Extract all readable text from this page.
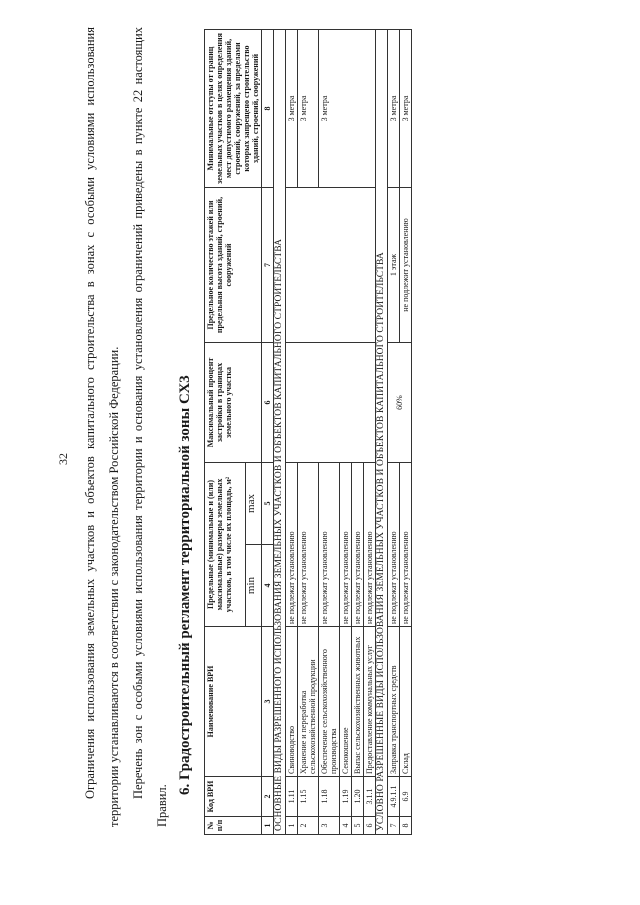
32	Ограничения использования земельных участков и объектов капитального строительства в зонах с особыми условиями использования территории устанавливаются в соответствии с законодательством Российской Федерации. Перечень зон с особыми условиями использования территории и основания установления ограничений приведены в пункте 22 настоящих Правил.

6. Градостроительный регламент территориальной зоны СХ3
№ п/п	Код ВРИ	Наименование ВРИ	Предельные (минимальные и (или) максимальные) размеры земельных участков, в том числе их площадь, м²		Максимальный процент застройки в границах земельного участка	Предельное количество этажей или предельная высота зданий, строений, сооружений	Минимальные отступы от границ земельных участков в целях определения мест допустимого размещения зданий, строений, сооружений, за пределами которых запрещено строительство зданий, строений, сооружений
			min	max			
1	2	3	4	5	6	7	8
ОСНОВНЫЕ ВИДЫ РАЗРЕШЕННОГО ИСПОЛЬЗОВАНИЯ ЗЕМЕЛЬНЫХ УЧАСТКОВ И ОБЪЕКТОВ КАПИТАЛЬНОГО СТРОИТЕЛЬСТВА							
1	1.11	Свиноводство	не подлежат установлению				3 метра
2	1.15	Хранение и переработка сельскохозяйственной продукции	не подлежат установлению				3 метра
3	1.18	Обеспечение сельскохозяйственного производства	не подлежат установлению				3 метра
4	1.19	Сенокошение	не подлежат установлению				
5	1.20	Выпас сельскохозяйственных животных	не подлежат установлению				
6	3.1.1	Предоставление коммунальных услуг	не подлежат установлению				
УСЛОВНО РАЗРЕШЕННЫЕ ВИДЫ ИСПОЛЬЗОВАНИЯ ЗЕМЕЛЬНЫХ УЧАСТКОВ И ОБЪЕКТОВ КАПИТАЛЬНОГО СТРОИТЕЛЬСТВА							
7	4.9.1.1	Заправка транспортных средств	не подлежат установлению		60%	1 этаж	3 метра
8	6.9	Склад	не подлежат установлению			не подлежит установлению	3 метра
